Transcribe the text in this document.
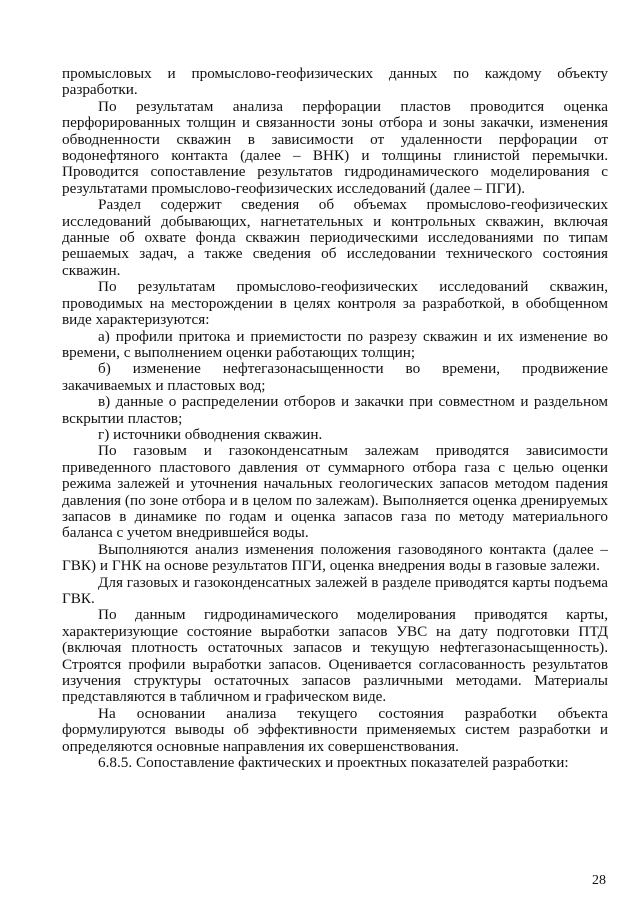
промысловых и промыслово-геофизических данных по каждому объекту разработки.

По результатам анализа перфорации пластов проводится оценка перфорированных толщин и связанности зоны отбора и зоны закачки, изменения обводненности скважин в зависимости от удаленности перфорации от водонефтяного контакта (далее – ВНК) и толщины глинистой перемычки. Проводится сопоставление результатов гидродинамического моделирования с результатами промыслово-геофизических исследований (далее – ПГИ).

Раздел содержит сведения об объемах промыслово-геофизических исследований добывающих, нагнетательных и контрольных скважин, включая данные об охвате фонда скважин периодическими исследованиями по типам решаемых задач, а также сведения об исследовании технического состояния скважин.

По результатам промыслово-геофизических исследований скважин, проводимых на месторождении в целях контроля за разработкой, в обобщенном виде характеризуются:

а) профили притока и приемистости по разрезу скважин и их изменение во времени, с выполнением оценки работающих толщин;

б) изменение нефтегазонасыщенности во времени, продвижение закачиваемых и пластовых вод;

в) данные о распределении отборов и закачки при совместном и раздельном вскрытии пластов;

г) источники обводнения скважин.

По газовым и газоконденсатным залежам приводятся зависимости приведенного пластового давления от суммарного отбора газа с целью оценки режима залежей и уточнения начальных геологических запасов методом падения давления (по зоне отбора и в целом по залежам). Выполняется оценка дренируемых запасов в динамике по годам и оценка запасов газа по методу материального баланса с учетом внедрившейся воды.

Выполняются анализ изменения положения газоводяного контакта (далее – ГВК) и ГНК на основе результатов ПГИ, оценка внедрения воды в газовые залежи.

Для газовых и газоконденсатных залежей в разделе приводятся карты подъема ГВК.

По данным гидродинамического моделирования приводятся карты, характеризующие состояние выработки запасов УВС на дату подготовки ПТД (включая плотность остаточных запасов и текущую нефтегазонасыщенность). Строятся профили выработки запасов. Оценивается согласованность результатов изучения структуры остаточных запасов различными методами. Материалы представляются в табличном и графическом виде.

На основании анализа текущего состояния разработки объекта формулируются выводы об эффективности применяемых систем разработки и определяются основные направления их совершенствования.

6.8.5. Сопоставление фактических и проектных показателей разработки:

28
